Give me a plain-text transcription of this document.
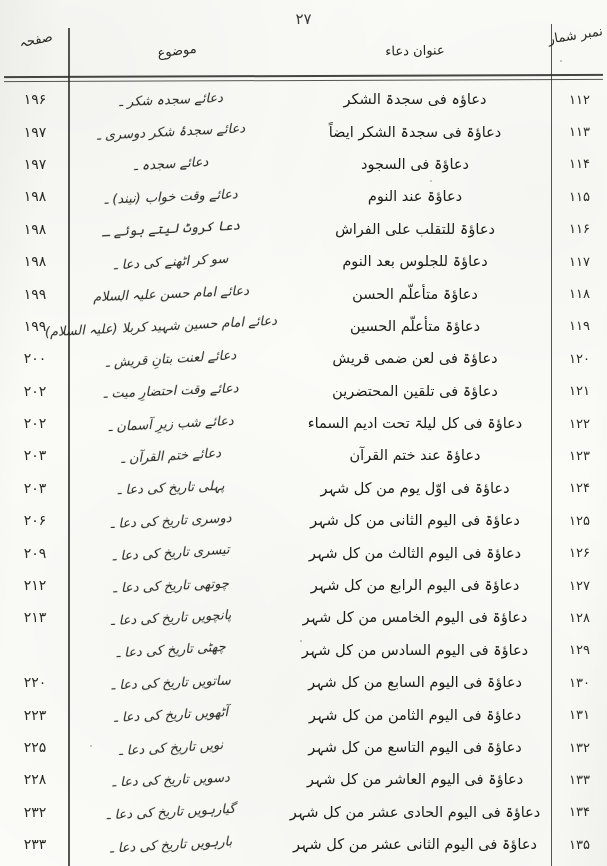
۲۷
نمبر شمار
عنوان دعاء
موضوع
صفحہ
۱۱۲
دعاؤہ فی سجدۃ الشکر
دعائے سجدہ شکر ـ
۱۹۶
۱۱۳
دعاؤۃ فی سجدۃ الشکر ایضاً
دعائے سجدۂ شکر دوسری ـ
۱۹۷
۱۱۴
دعاؤۃ فی السجود
دعائے سجدہ ـ
۱۹۷
۱۱۵
دعاؤۃ عند النوم
دعائے وقت خواب (نیند) ـ
۱۹۸
۱۱۶
دعاؤۃ للتقلب علی الفراش
دعا کروٹ لیتے ہوئے ـ
۱۹۸
۱۱۷
دعاؤۃ للجلوس بعد النوم
سو کر اٹھنے کی دعا ـ
۱۹۸
۱۱۸
دعاؤۃ متأعلّم الحسن
دعائے امام حسن علیہ السلام
۱۹۹
۱۱۹
دعاؤۃ متأعلّم الحسین
دعائے امام حسین شہید کربلا (علیہ السلام)
۱۹۹
۱۲۰
دعاؤۃ فی لعن ضمی قریش
دعائے لعنت بتانِ قریش ـ
۲۰۰
۱۲۱
دعاؤۃ فی تلقین المحتضرین
دعائے وقت احتضارِ میت ـ
۲۰۲
۱۲۲
دعاؤۃ فی کل لیلۃ تحت ادیم السماء
دعائے شب زیرِ آسمان ـ
۲۰۲
۱۲۳
دعاؤۃ عند ختم القرآن
دعائے ختم القرآن ـ
۲۰۳
۱۲۴
دعاؤۃ فی اوّل یوم من کل شہر
پہلی تاریخ کی دعا ـ
۲۰۳
۱۲۵
دعاؤۃ فی الیوم الثانی من کل شہر
دوسری تاریخ کی دعا ـ
۲۰۶
۱۲۶
دعاؤۃ فی الیوم الثالث من کل شہر
تیسری تاریخ کی دعا ـ
۲۰۹
۱۲۷
دعاؤۃ فی الیوم الرابع من کل شہر
چوتھی تاریخ کی دعا ـ
۲۱۲
۱۲۸
دعاؤۃ فی الیوم الخامس من کل شہر
پانچویں تاریخ کی دعا ـ
۲۱۳
۱۲۹
دعاؤۃ فی الیوم السادس من کل شہر
چھٹی تاریخ کی دعا ـ
۱۳۰
دعاؤۃ فی الیوم السابع من کل شہر
ساتویں تاریخ کی دعا ـ
۲۲۰
۱۳۱
دعاؤۃ فی الیوم الثامن من کل شہر
آٹھویں تاریخ کی دعا ـ
۲۲۳
۱۳۲
دعاؤۃ فی الیوم التاسع من کل شہر
نویں تاریخ کی دعا ـ
۲۲۵
۱۳۳
دعاؤۃ فی الیوم العاشر من کل شہر
دسویں تاریخ کی دعا ـ
۲۲۸
۱۳۴
دعاؤۃ فی الیوم الحادی عشر من کل شہر
گیارہویں تاریخ کی دعا ـ
۲۳۲
۱۳۵
دعاؤۃ فی الیوم الثانی عشر من کل شہر
بارہویں تاریخ کی دعا ـ
۲۳۳
